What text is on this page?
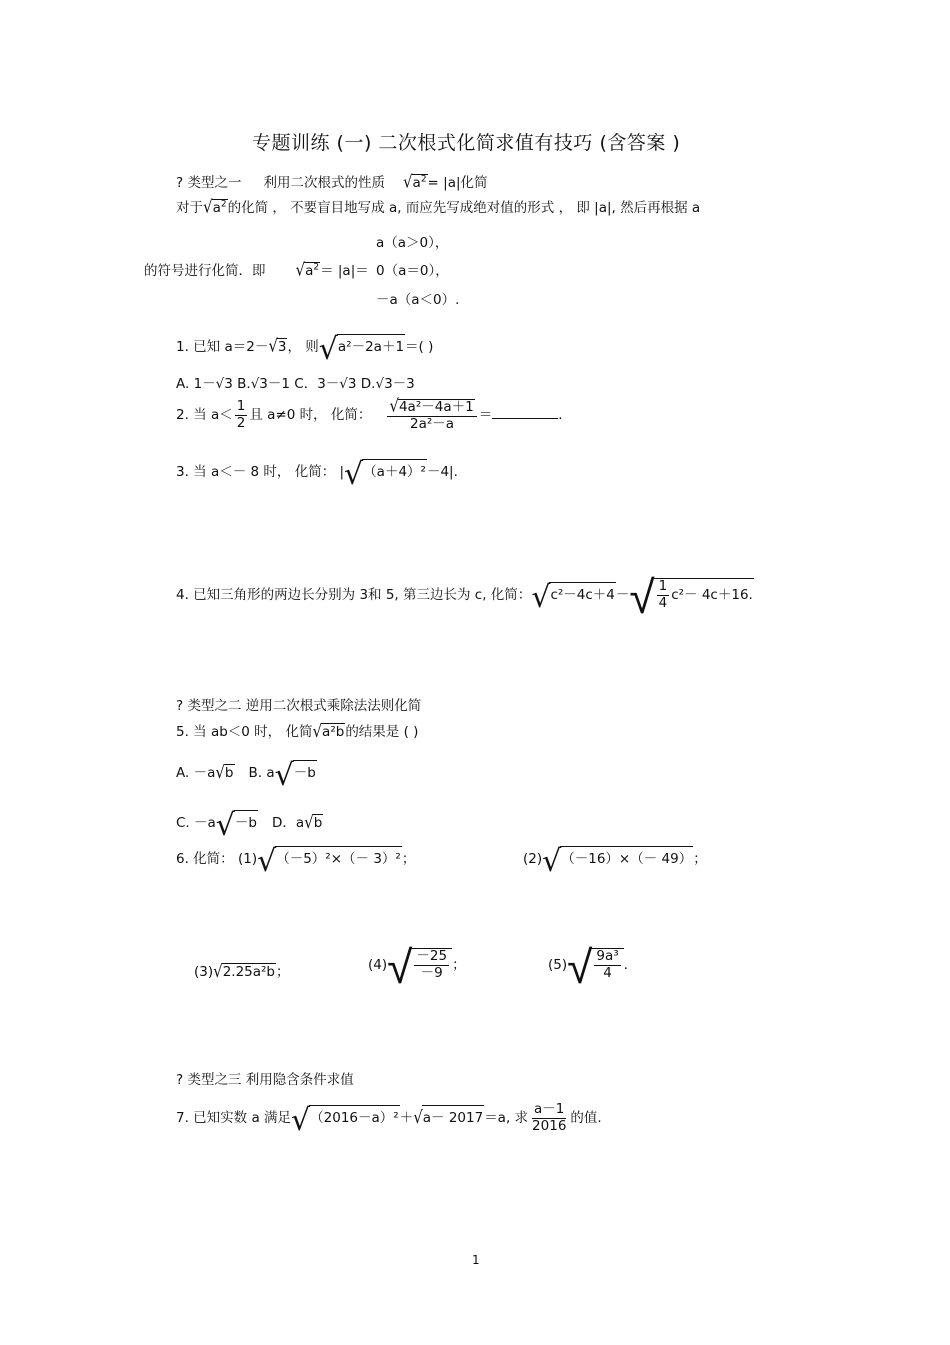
专题训练 (一) 二次根式化简求值有技巧 (含答案 )
? 类型之一 利用二次根式的性质 $√a^2= |a|$化简
对于$√a^2$的化简 ， 不要盲目地写成 a, 而应先写成绝对值的形式 ， 即 |a|, 然后再根据 a
a（a＞0），
的符号进行化简．即 $√a^2= |a|= 0(a=0)$，
－a（a＜0）.
1. 已知 a＝2－√3， 则√a²－2a＋1＝( )
A. 1－√3 B.√3－1 C．3－√3 D.√3－3
2. 当 $a< \frac{1}{2}$ 且 a≠0 时， 化简： $\frac{\text{√4a²－4a＋1}}{\text{2a²－a}}$ ＝	.
3. 当 a＜－ 8 时， 化简： |√（a＋4）²－4|.
4. 已知三角形的两边长分别为 3和 5, 第三边长为 c, 化简：$√c^2-4c+4-√ \frac{1}{4} c^2- 4c+16$.
? 类型之二 逆用二次根式乘除法法则化简
5. 当 ab＜0 时， 化简√a²b的结果是 ( )
A. －a√b B. a√－b
C. －a√－b D．a√b
6. 化简： (1)√（－5）²×（－ 3）²；	(2)√（－16）×（－ 49）；
(3)√2.25a²b；	$(4)√ \frac{-25}{-9}$ ；	$(5)√ \frac{\text{9a³}}{4}$ .
? 类型之三 利用隐含条件求值
7. 已知实数 a 满足√（2016－a）²＋√a－ 2017＝a, 求 $\frac{a-1}{2016}$ 的值.
1
